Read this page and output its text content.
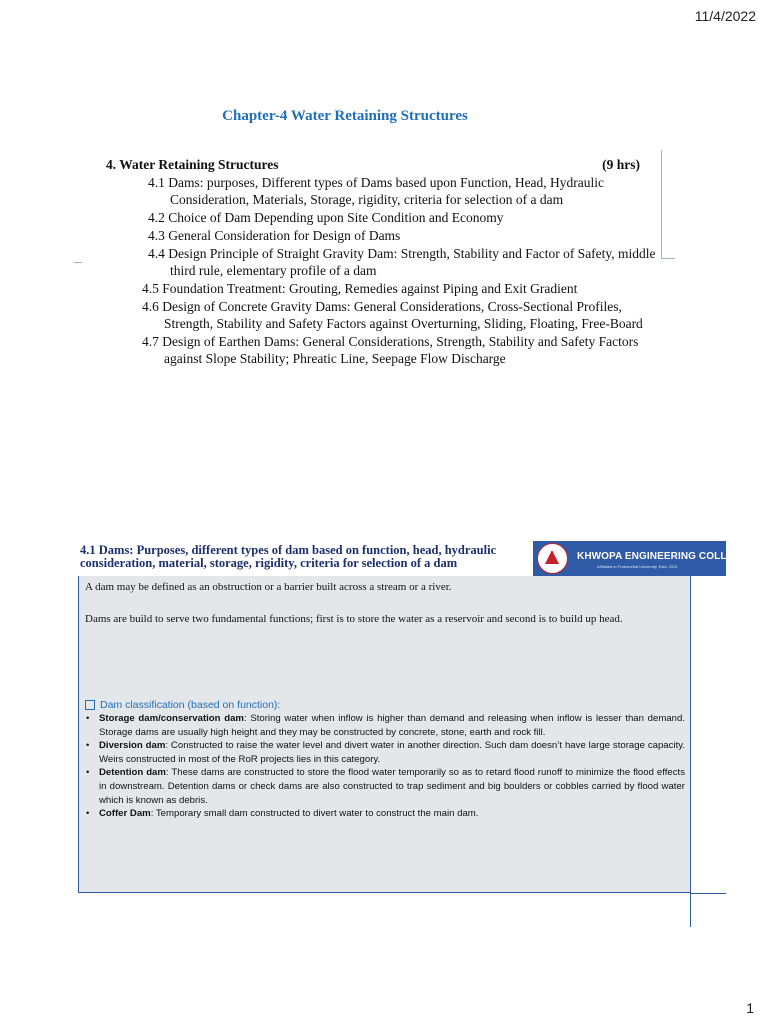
11/4/2022
Chapter-4 Water Retaining Structures
4. Water Retaining Structures	(9 hrs)
4.1 Dams: purposes, Different types of Dams based upon Function, Head, Hydraulic Consideration, Materials, Storage, rigidity, criteria for selection of a dam
4.2 Choice of Dam Depending upon Site Condition and Economy
4.3 General Consideration for Design of Dams
4.4 Design Principle of Straight Gravity Dam: Strength, Stability and Factor of Safety, middle third rule, elementary profile of a dam
4.5 Foundation Treatment: Grouting, Remedies against Piping and Exit Gradient
4.6 Design of Concrete Gravity Dams: General Considerations, Cross-Sectional Profiles, Strength, Stability and Safety Factors against Overturning, Sliding, Floating, Free-Board
4.7 Design of Earthen Dams: General Considerations, Strength, Stability and Safety Factors against Slope Stability; Phreatic Line, Seepage Flow Discharge
4.1 Dams: Purposes, different types of dam based on function, head, hydraulic consideration, material, storage, rigidity, criteria for selection of a dam	KHWOPA ENGINEERING COLLEGE
Affiliated to Purbanchal University, Estd. 2001
A dam may be defined as an obstruction or a barrier built across a stream or a river.
Dams are build to serve two fundamental functions; first is to store the water as a reservoir and second is to build up head.
Dam classification (based on function):
• Storage dam/conservation dam: Storing water when inflow is higher than demand and releasing when inflow is lesser than demand. Storage dams are usually high height and they may be constructed by concrete, stone, earth and rock fill.
• Diversion dam: Constructed to raise the water level and divert water in another direction. Such dam doesn’t have large storage capacity. Weirs constructed in most of the RoR projects lies in this category.
• Detention dam: These dams are constructed to store the flood water temporarily so as to retard flood runoff to minimize the flood effects in downstream. Detention dams or check dams are also constructed to trap sediment and big boulders or cobbles carried by flood water which is known as debris.
• Coffer Dam: Temporary small dam constructed to divert water to construct the main dam.
1
